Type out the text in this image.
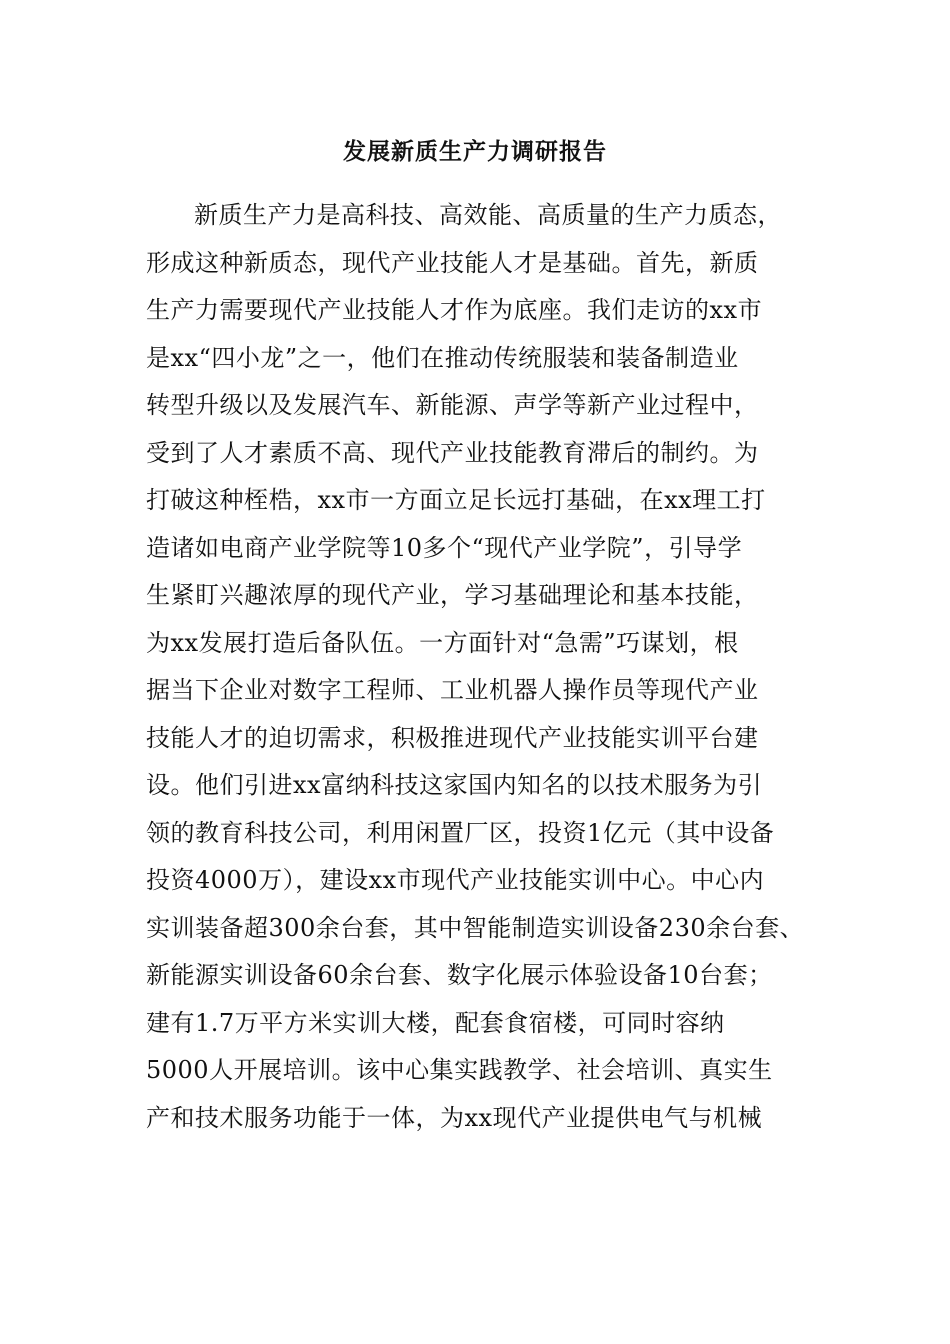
发展新质生产力调研报告
新质生产力是高科技、高效能、高质量的生产力质态，
形成这种新质态，现代产业技能人才是基础。首先，新质
生产力需要现代产业技能人才作为底座。我们走访的xx市
是xx“四小龙”之一，他们在推动传统服装和装备制造业
转型升级以及发展汽车、新能源、声学等新产业过程中，
受到了人才素质不高、现代产业技能教育滞后的制约。为
打破这种桎梏，xx市一方面立足长远打基础，在xx理工打
造诸如电商产业学院等10多个“现代产业学院”，引导学
生紧盯兴趣浓厚的现代产业，学习基础理论和基本技能，
为xx发展打造后备队伍。一方面针对“急需”巧谋划，根
据当下企业对数字工程师、工业机器人操作员等现代产业
技能人才的迫切需求，积极推进现代产业技能实训平台建
设。他们引进xx富纳科技这家国内知名的以技术服务为引
领的教育科技公司，利用闲置厂区，投资1亿元（其中设备
投资4000万），建设xx市现代产业技能实训中心。中心内
实训装备超300余台套，其中智能制造实训设备230余台套、
新能源实训设备60余台套、数字化展示体验设备10台套；
建有1.7万平方米实训大楼，配套食宿楼，可同时容纳
5000人开展培训。该中心集实践教学、社会培训、真实生
产和技术服务功能于一体，为xx现代产业提供电气与机械
